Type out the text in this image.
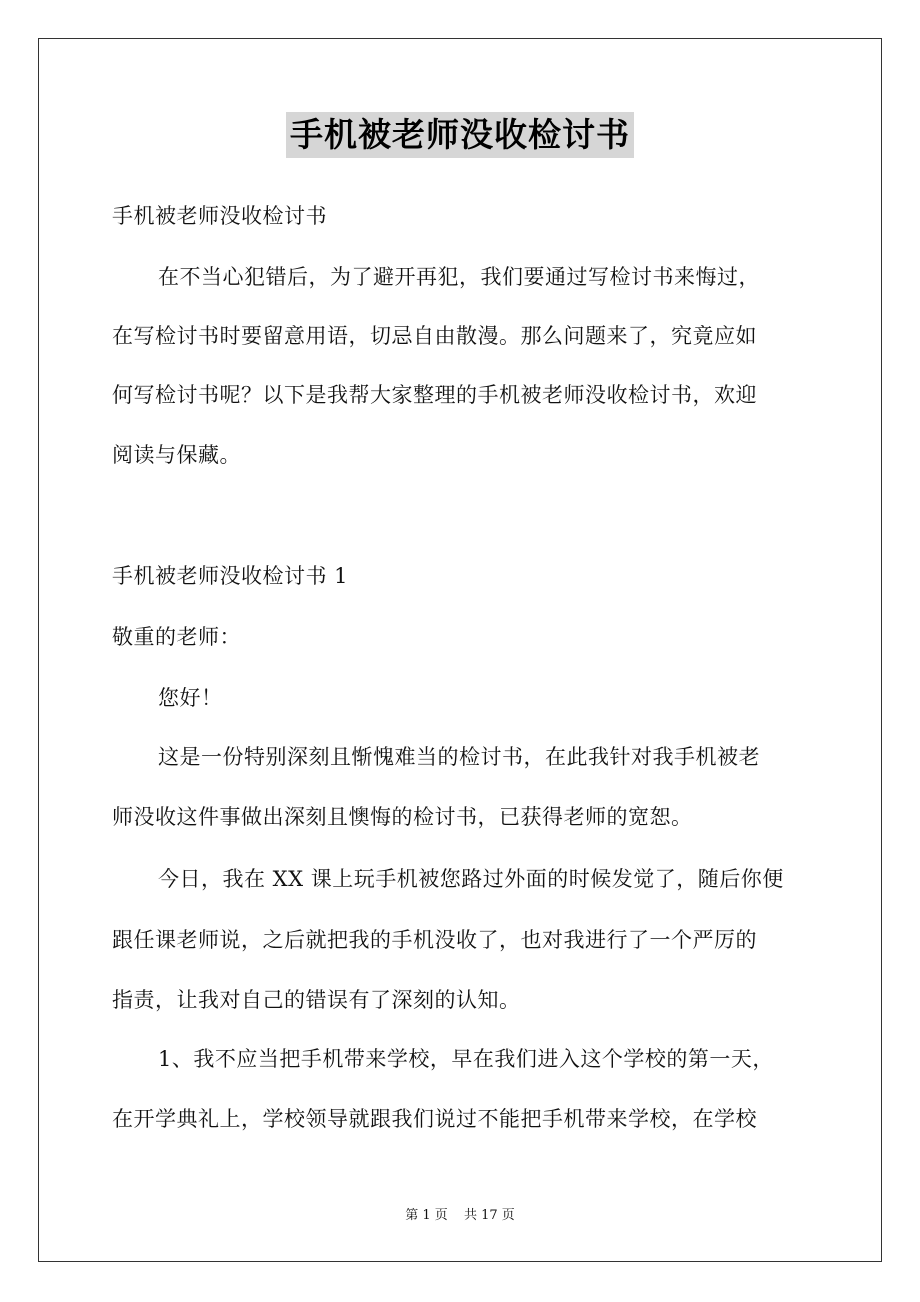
手机被老师没收检讨书
手机被老师没收检讨书
在不当心犯错后，为了避开再犯，我们要通过写检讨书来悔过，
在写检讨书时要留意用语，切忌自由散漫。那么问题来了，究竟应如
何写检讨书呢？以下是我帮大家整理的手机被老师没收检讨书，欢迎
阅读与保藏。
手机被老师没收检讨书 1
敬重的老师：
您好！
这是一份特别深刻且惭愧难当的检讨书，在此我针对我手机被老
师没收这件事做出深刻且懊悔的检讨书，已获得老师的宽恕。
今日，我在 XX 课上玩手机被您路过外面的时候发觉了，随后你便
跟任课老师说，之后就把我的手机没收了，也对我进行了一个严厉的
指责，让我对自己的错误有了深刻的认知。
1、我不应当把手机带来学校，早在我们进入这个学校的第一天，
在开学典礼上，学校领导就跟我们说过不能把手机带来学校，在学校
第 1 页 共 17 页
